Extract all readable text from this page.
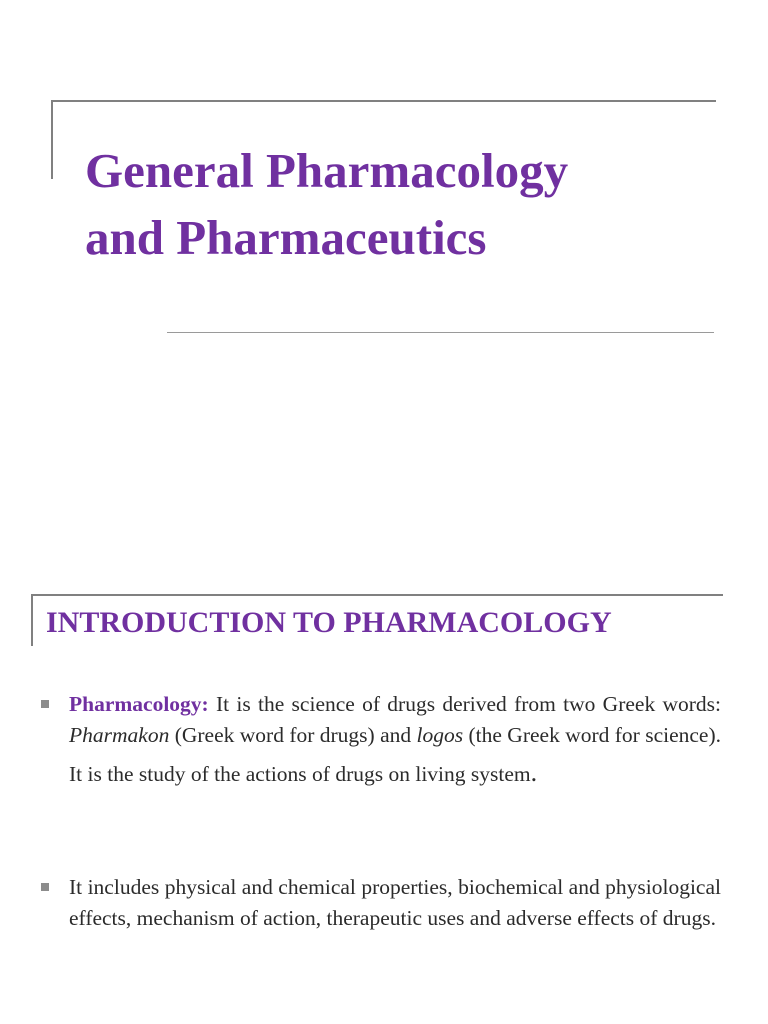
General Pharmacology
and Pharmaceutics
INTRODUCTION TO PHARMACOLOGY

Pharmacology: It is the science of drugs derived from two Greek words: Pharmakon (Greek word for drugs) and logos (the Greek word for science). It is the study of the actions of drugs on living system.

It includes physical and chemical properties, biochemical and physiological effects, mechanism of action, therapeutic uses and adverse effects of drugs.
